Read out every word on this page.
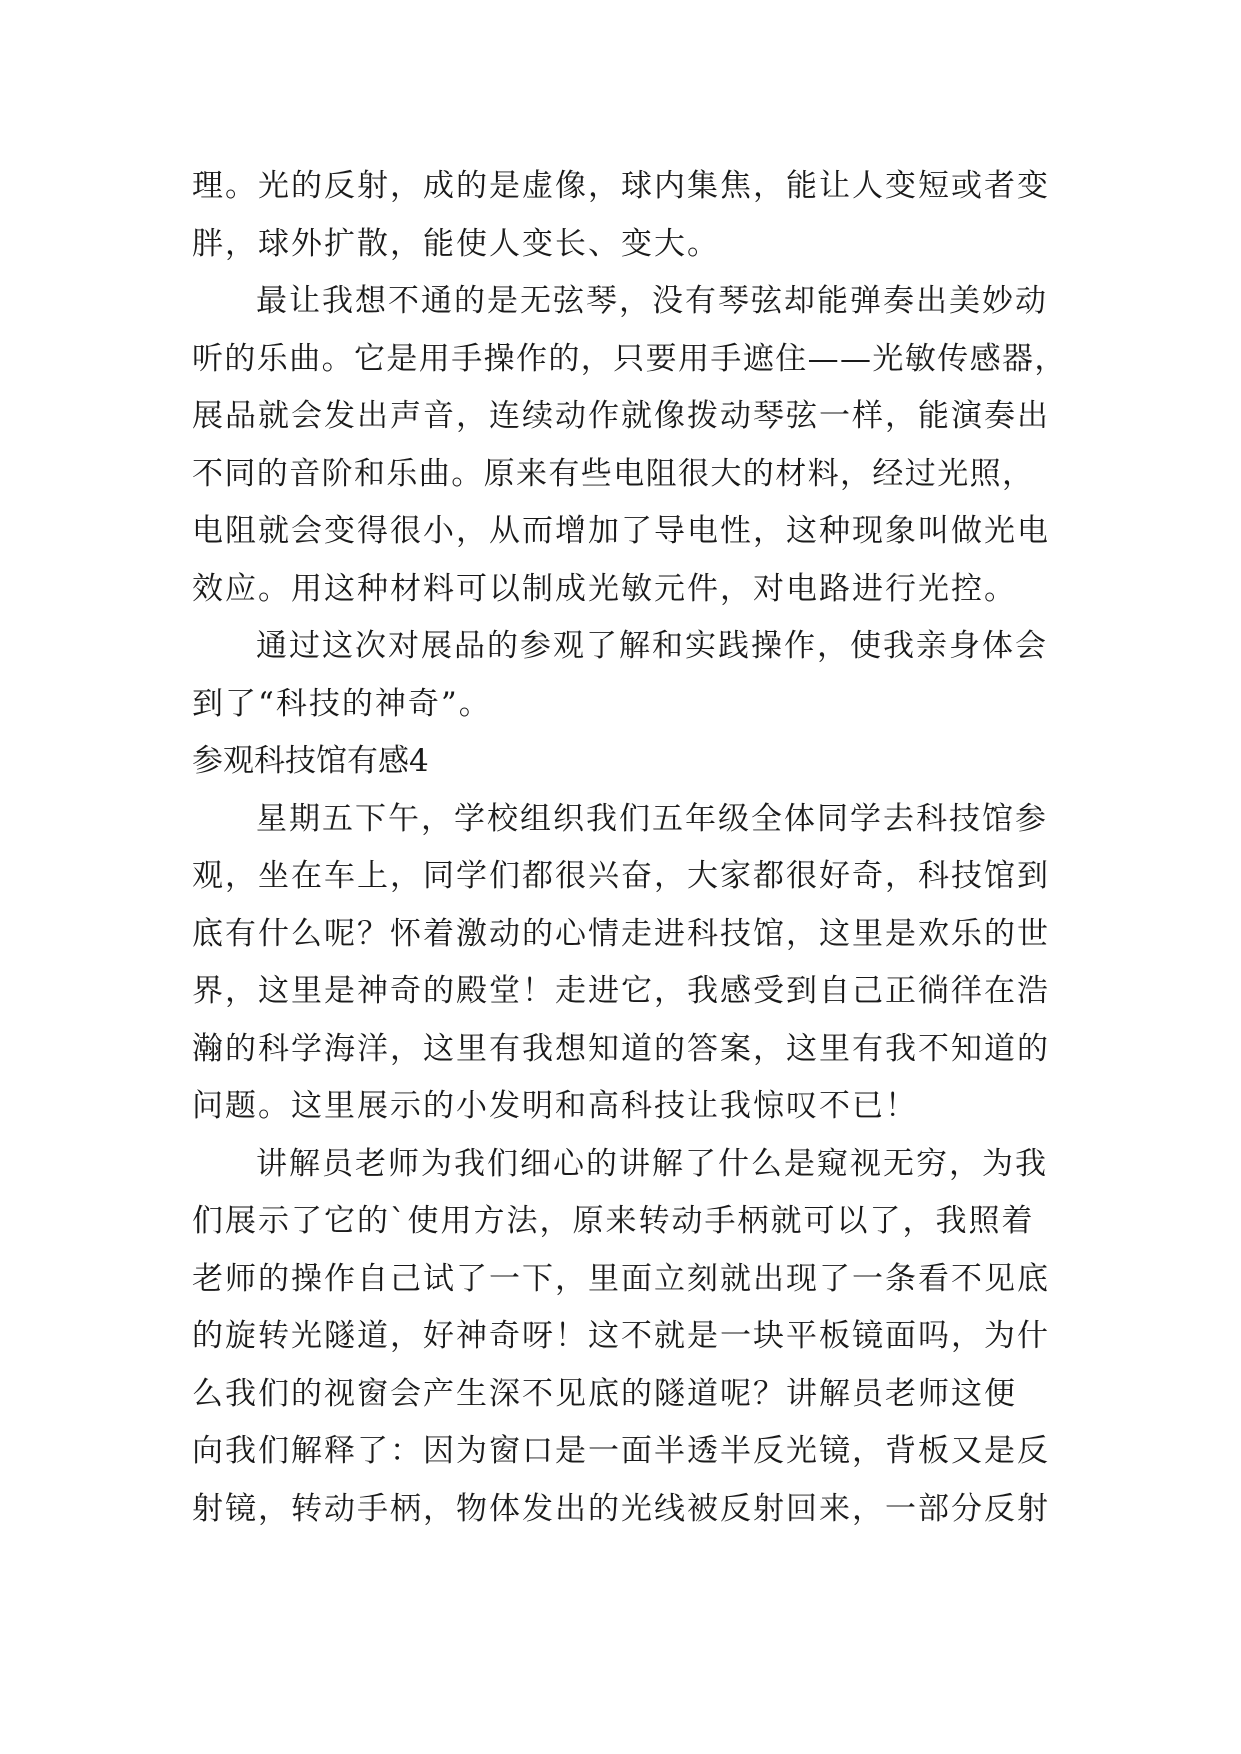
理。光的反射，成的是虚像，球内集焦，能让人变短或者变
胖，球外扩散，能使人变长、变大。
最让我想不通的是无弦琴，没有琴弦却能弹奏出美妙动
听的乐曲。它是用手操作的，只要用手遮住——光敏传感器，
展品就会发出声音，连续动作就像拨动琴弦一样，能演奏出
不同的音阶和乐曲。原来有些电阻很大的材料，经过光照，
电阻就会变得很小，从而增加了导电性，这种现象叫做光电
效应。用这种材料可以制成光敏元件，对电路进行光控。
通过这次对展品的参观了解和实践操作，使我亲身体会
到了“科技的神奇”。
参观科技馆有感4
星期五下午，学校组织我们五年级全体同学去科技馆参
观，坐在车上，同学们都很兴奋，大家都很好奇，科技馆到
底有什么呢？怀着激动的心情走进科技馆，这里是欢乐的世
界，这里是神奇的殿堂！走进它，我感受到自己正徜徉在浩
瀚的科学海洋，这里有我想知道的答案，这里有我不知道的
问题。这里展示的小发明和高科技让我惊叹不已！
讲解员老师为我们细心的讲解了什么是窥视无穷，为我
们展示了它的`使用方法，原来转动手柄就可以了，我照着
老师的操作自己试了一下，里面立刻就出现了一条看不见底
的旋转光隧道，好神奇呀！这不就是一块平板镜面吗，为什
么我们的视窗会产生深不见底的隧道呢？讲解员老师这便
向我们解释了：因为窗口是一面半透半反光镜，背板又是反
射镜，转动手柄，物体发出的光线被反射回来，一部分反射
